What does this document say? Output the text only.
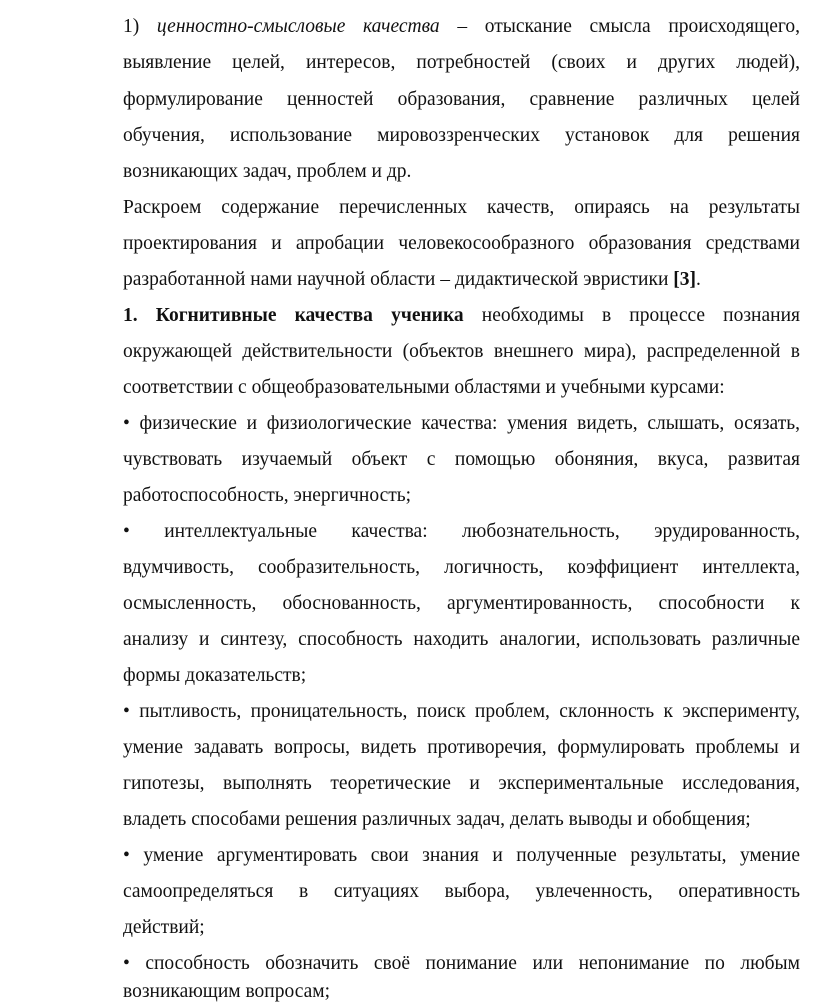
1) ценностно-смысловые качества – отыскание смысла происходящего,
выявление целей, интересов, потребностей (своих и других людей),
формулирование ценностей образования, сравнение различных целей
обучения, использование мировоззренческих установок для решения
возникающих задач, проблем и др.
Раскроем содержание перечисленных качеств, опираясь на результаты
проектирования и апробации человекосообразного образования средствами
разработанной нами научной области – дидактической эвристики [3].
1. Когнитивные качества ученика необходимы в процессе познания
окружающей действительности (объектов внешнего мира), распределенной в
соответствии с общеобразовательными областями и учебными курсами:
• физические и физиологические качества: умения видеть, слышать, осязать,
чувствовать изучаемый объект с помощью обоняния, вкуса, развитая
работоспособность, энергичность;
• интеллектуальные качества: любознательность, эрудированность,
вдумчивость, сообразительность, логичность, коэффициент интеллекта,
осмысленность, обоснованность, аргументированность, способности к
анализу и синтезу, способность находить аналогии, использовать различные
формы доказательств;
• пытливость, проницательность, поиск проблем, склонность к эксперименту,
умение задавать вопросы, видеть противоречия, формулировать проблемы и
гипотезы, выполнять теоретические и экспериментальные исследования,
владеть способами решения различных задач, делать выводы и обобщения;
• умение аргументировать свои знания и полученные результаты, умение
самоопределяться в ситуациях выбора, увлеченность, оперативность
действий;
• способность обозначить своё понимание или непонимание по любым
возникающим вопросам;
